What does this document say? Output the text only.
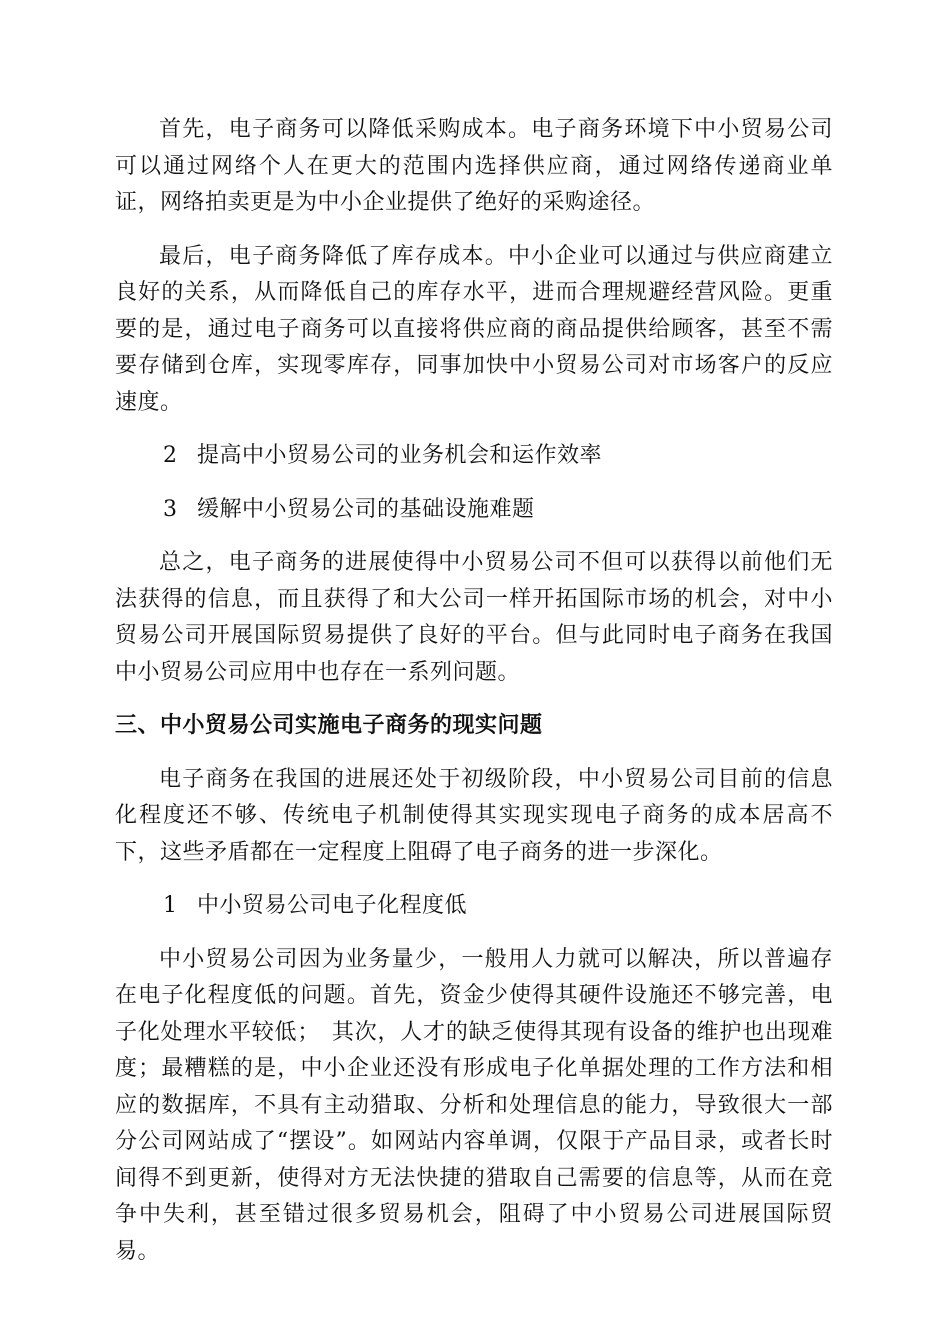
首先，电子商务可以降低采购成本。电子商务环境下中小贸易公司可以通过网络个人在更大的范围内选择供应商，通过网络传递商业单证，网络拍卖更是为中小企业提供了绝好的采购途径。

最后，电子商务降低了库存成本。中小企业可以通过与供应商建立良好的关系，从而降低自己的库存水平，进而合理规避经营风险。更重要的是，通过电子商务可以直接将供应商的商品提供给顾客，甚至不需要存储到仓库，实现零库存，同事加快中小贸易公司对市场客户的反应速度。

2 提高中小贸易公司的业务机会和运作效率

3 缓解中小贸易公司的基础设施难题

总之，电子商务的进展使得中小贸易公司不但可以获得以前他们无法获得的信息，而且获得了和大公司一样开拓国际市场的机会，对中小贸易公司开展国际贸易提供了良好的平台。但与此同时电子商务在我国中小贸易公司应用中也存在一系列问题。

三、中小贸易公司实施电子商务的现实问题

电子商务在我国的进展还处于初级阶段，中小贸易公司目前的信息化程度还不够、传统电子机制使得其实现实现电子商务的成本居高不下，这些矛盾都在一定程度上阻碍了电子商务的进一步深化。

1 中小贸易公司电子化程度低

中小贸易公司因为业务量少，一般用人力就可以解决，所以普遍存在电子化程度低的问题。首先，资金少使得其硬件设施还不够完善，电子化处理水平较低；　其次，人才的缺乏使得其现有设备的维护也出现难度；最糟糕的是，中小企业还没有形成电子化单据处理的工作方法和相应的数据库，不具有主动猎取、分析和处理信息的能力，导致很大一部分公司网站成了“摆设”。如网站内容单调，仅限于产品目录，或者长时间得不到更新，使得对方无法快捷的猎取自己需要的信息等，从而在竞争中失利，甚至错过很多贸易机会，阻碍了中小贸易公司进展国际贸易。
